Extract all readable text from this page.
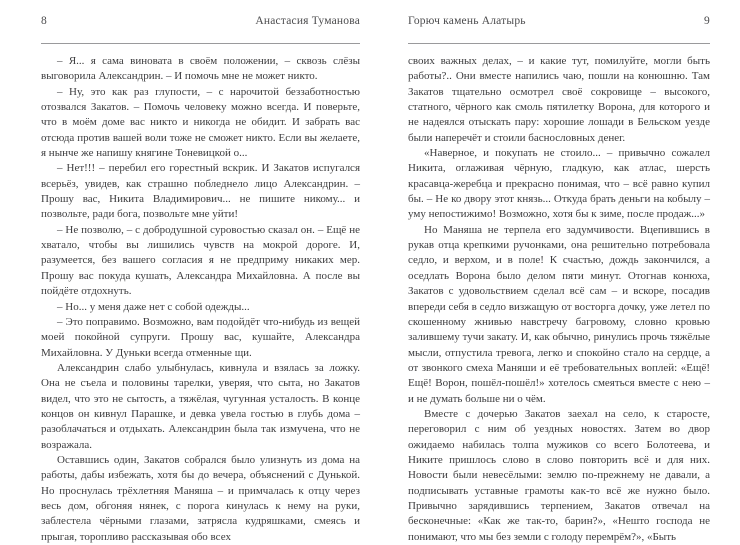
8	Анастасия Туманова

– Я... я сама виновата в своём положении, – сквозь слёзы выговорила Александрин. – И помочь мне не может никто.

– Ну, это как раз глупости, – с нарочитой беззаботностью отозвался Закатов. – Помочь человеку можно всегда. И поверьте, что в моём доме вас никто и никогда не обидит. И забрать вас отсюда против вашей воли тоже не сможет никто. Если вы желаете, я нынче же напишу княгине Тоневицкой о...

– Нет!!! – перебил его горестный вскрик. И Закатов испугался всерьёз, увидев, как страшно побледнело лицо Александрин. – Прошу вас, Никита Владимирович... не пишите никому... и позвольте, ради бога, позвольте мне уйти!

– Не позволю, – с добродушной суровостью сказал он. – Ещё не хватало, чтобы вы лишились чувств на мокрой дороге. И, разумеется, без вашего согласия я не предприму никаких мер. Прошу вас покуда кушать, Александра Михайловна. А после вы пойдёте отдохнуть.

– Но... у меня даже нет с собой одежды...

– Это поправимо. Возможно, вам подойдёт что-нибудь из вещей моей покойной супруги. Прошу вас, кушайте, Александра Михайловна. У Дуньки всегда отменные щи.

Александрин слабо улыбнулась, кивнула и взялась за ложку. Она не съела и половины тарелки, уверяя, что сыта, но Закатов видел, что это не сытость, а тяжёлая, чугунная усталость. В конце концов он кивнул Парашке, и девка увела гостью в глубь дома – разоблачаться и отдыхать. Александрин была так измучена, что не возражала.

Оставшись один, Закатов собрался было улизнуть из дома на работы, дабы избежать, хотя бы до вечера, объяснений с Дунькой. Но проснулась трёхлетняя Маняша – и примчалась к отцу через весь дом, обгоняя нянек, с порога кинулась к нему на руки, заблестела чёрными глазами, затрясла кудряшками, смеясь и прыгая, торопливо рассказывая обо всех

Горюч камень Алатырь	9

своих важных делах, – и какие тут, помилуйте, могли быть работы?.. Они вместе напились чаю, пошли на конюшню. Там Закатов тщательно осмотрел своё сокровище – высокого, статного, чёрного как смоль пятилетку Ворона, для которого и не надеялся отыскать пару: хорошие лошади в Бельском уезде были наперечёт и стоили баснословных денег.

«Наверное, и покупать не стоило... – привычно сожалел Никита, оглаживая чёрную, гладкую, как атлас, шерсть красавца-жеребца и прекрасно понимая, что – всё равно купил бы. – Не ко двору этот князь... Откуда брать деньги на кобылу – уму непостижимо! Возможно, хотя бы к зиме, после продаж...»

Но Маняша не терпела его задумчивости. Вцепившись в рукав отца крепкими ручонками, она решительно потребовала седло, и верхом, и в поле! К счастью, дождь закончился, а оседлать Ворона было делом пяти минут. Отогнав конюха, Закатов с удовольствием сделал всё сам – и вскоре, посадив впереди себя в седло визжащую от восторга дочку, уже летел по скошенному жнивью навстречу багровому, словно кровью залившему тучи закату. И, как обычно, ринулись прочь тяжёлые мысли, отпустила тревога, легко и спокойно стало на сердце, а от звонкого смеха Маняши и её требовательных воплей: «Ещё! Ещё! Ворон, пошёл-пошёл!» хотелось смеяться вместе с нею – и не думать больше ни о чём.

Вместе с дочерью Закатов заехал на село, к старосте, переговорил с ним об уездных новостях. Затем во двор ожидаемо набилась толпа мужиков со всего Болотеева, и Никите пришлось слово в слово повторить всё и для них. Новости были невесёлыми: землю по-прежнему не давали, а подписывать уставные грамоты как-то всё же нужно было. Привычно зарядившись терпением, Закатов отвечал на бесконечные: «Как же так-то, барин?», «Нешто господа не понимают, что мы без земли с голоду перемрём?», «Быть
